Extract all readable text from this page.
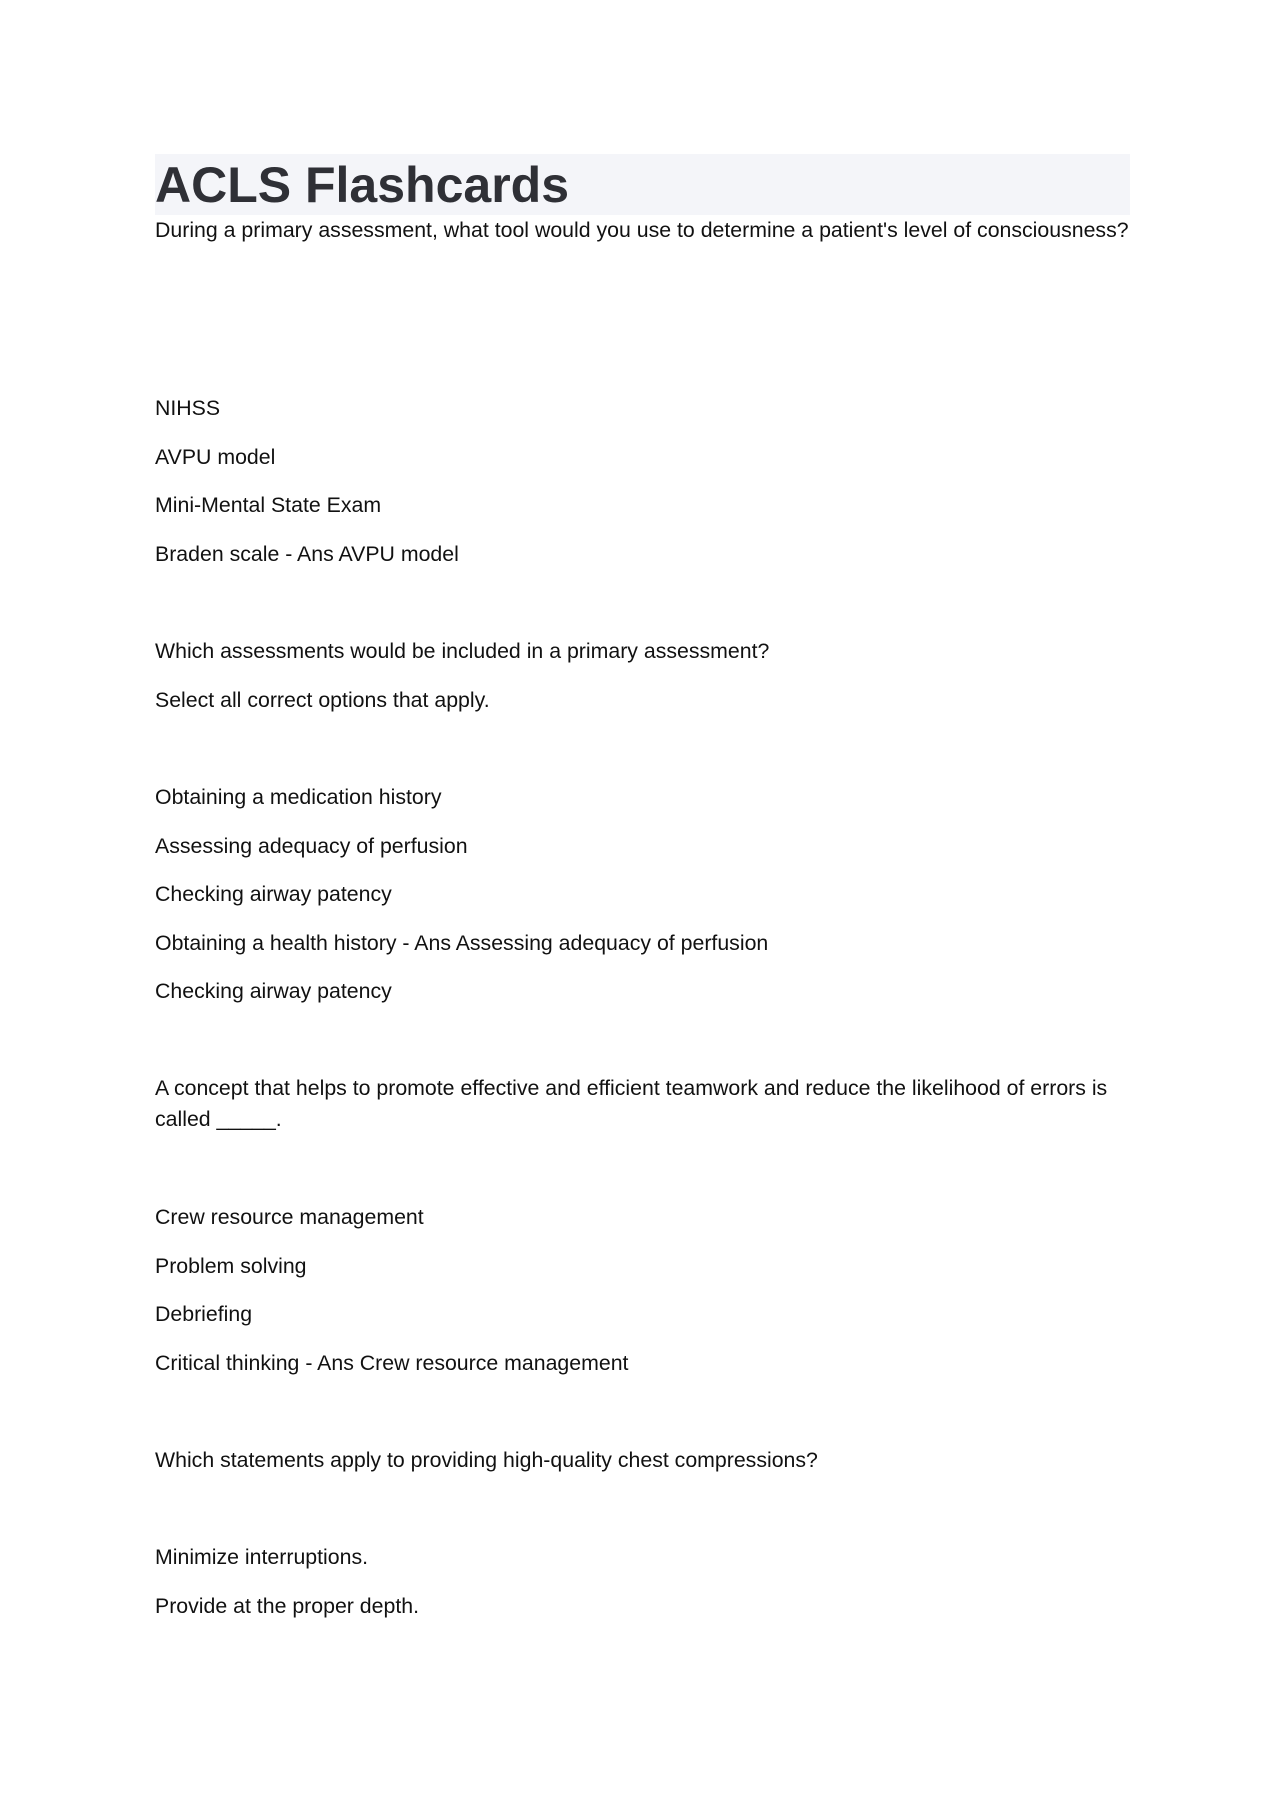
ACLS Flashcards

During a primary assessment, what tool would you use to determine a patient's level of consciousness?

NIHSS

AVPU model

Mini-Mental State Exam

Braden scale - Ans AVPU model

Which assessments would be included in a primary assessment?

Select all correct options that apply.

Obtaining a medication history

Assessing adequacy of perfusion

Checking airway patency

Obtaining a health history - Ans Assessing adequacy of perfusion

Checking airway patency

A concept that helps to promote effective and efficient teamwork and reduce the likelihood of errors is called _____.

Crew resource management

Problem solving

Debriefing

Critical thinking - Ans Crew resource management

Which statements apply to providing high-quality chest compressions?

Minimize interruptions.

Provide at the proper depth.
